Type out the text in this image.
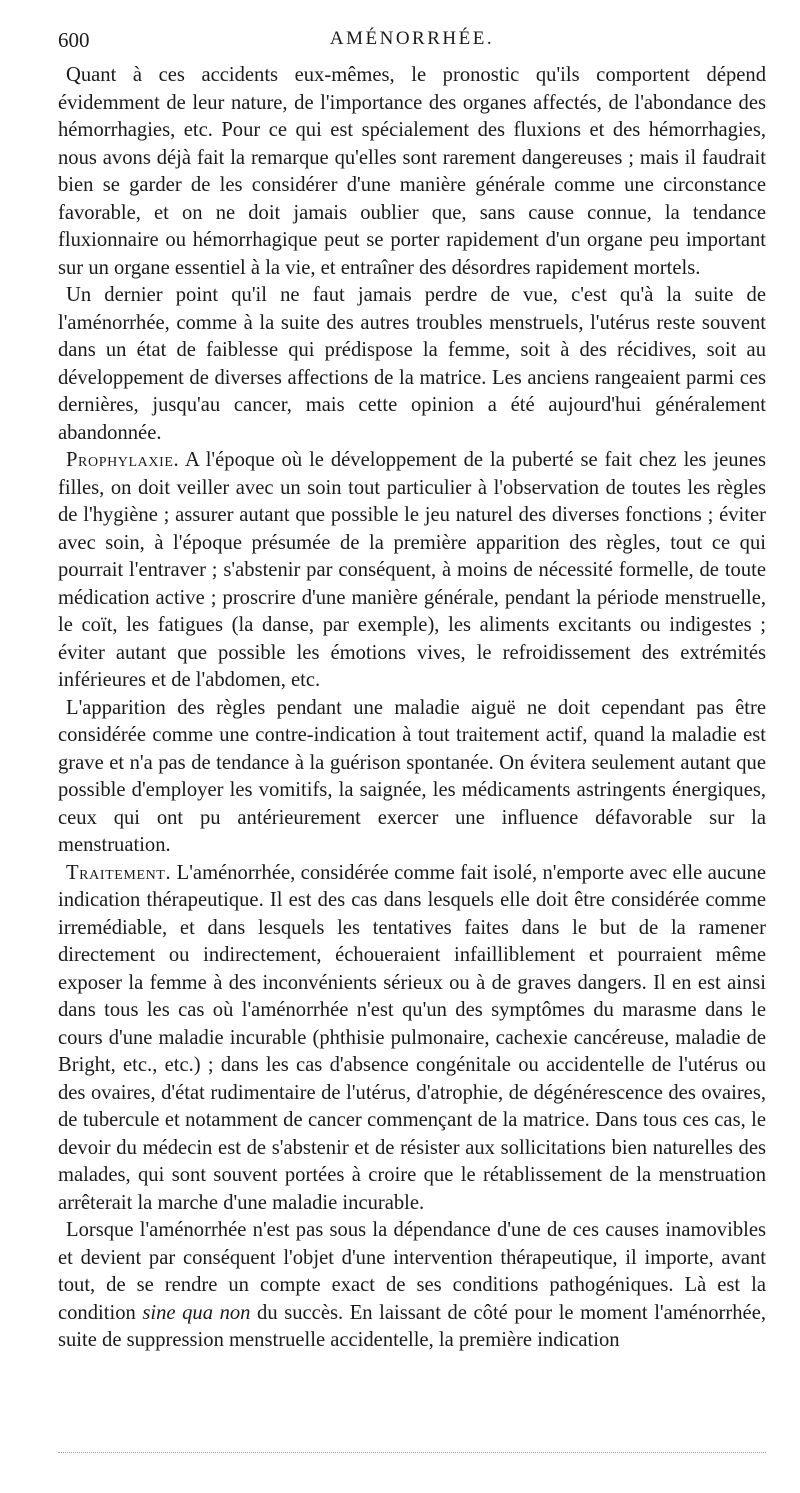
600	AMÉNORRHÉE.

Quant à ces accidents eux-mêmes, le pronostic qu'ils comportent dépend évidemment de leur nature, de l'importance des organes affectés, de l'abondance des hémorrhagies, etc. Pour ce qui est spécialement des fluxions et des hémorrhagies, nous avons déjà fait la remarque qu'elles sont rarement dangereuses ; mais il faudrait bien se garder de les considérer d'une manière générale comme une circonstance favorable, et on ne doit jamais oublier que, sans cause connue, la tendance fluxionnaire ou hémorrhagique peut se porter rapidement d'un organe peu important sur un organe essentiel à la vie, et entraîner des désordres rapidement mortels.

Un dernier point qu'il ne faut jamais perdre de vue, c'est qu'à la suite de l'aménorrhée, comme à la suite des autres troubles menstruels, l'utérus reste souvent dans un état de faiblesse qui prédispose la femme, soit à des récidives, soit au développement de diverses affections de la matrice. Les anciens rangeaient parmi ces dernières, jusqu'au cancer, mais cette opinion a été aujourd'hui généralement abandonnée.

Prophylaxie. A l'époque où le développement de la puberté se fait chez les jeunes filles, on doit veiller avec un soin tout particulier à l'observation de toutes les règles de l'hygiène ; assurer autant que possible le jeu naturel des diverses fonctions ; éviter avec soin, à l'époque présumée de la première apparition des règles, tout ce qui pourrait l'entraver ; s'abstenir par conséquent, à moins de nécessité formelle, de toute médication active ; proscrire d'une manière générale, pendant la période menstruelle, le coït, les fatigues (la danse, par exemple), les aliments excitants ou indigestes ; éviter autant que possible les émotions vives, le refroidissement des extrémités inférieures et de l'abdomen, etc.

L'apparition des règles pendant une maladie aiguë ne doit cependant pas être considérée comme une contre-indication à tout traitement actif, quand la maladie est grave et n'a pas de tendance à la guérison spontanée. On évitera seulement autant que possible d'employer les vomitifs, la saignée, les médicaments astringents énergiques, ceux qui ont pu antérieurement exercer une influence défavorable sur la menstruation.

Traitement. L'aménorrhée, considérée comme fait isolé, n'emporte avec elle aucune indication thérapeutique. Il est des cas dans lesquels elle doit être considérée comme irremédiable, et dans lesquels les tentatives faites dans le but de la ramener directement ou indirectement, échoueraient infailliblement et pourraient même exposer la femme à des inconvénients sérieux ou à de graves dangers. Il en est ainsi dans tous les cas où l'aménorrhée n'est qu'un des symptômes du marasme dans le cours d'une maladie incurable (phthisie pulmonaire, cachexie cancéreuse, maladie de Bright, etc., etc.) ; dans les cas d'absence congénitale ou accidentelle de l'utérus ou des ovaires, d'état rudimentaire de l'utérus, d'atrophie, de dégénérescence des ovaires, de tubercule et notamment de cancer commençant de la matrice. Dans tous ces cas, le devoir du médecin est de s'abstenir et de résister aux sollicitations bien naturelles des malades, qui sont souvent portées à croire que le rétablissement de la menstruation arrêterait la marche d'une maladie incurable.

Lorsque l'aménorrhée n'est pas sous la dépendance d'une de ces causes inamovibles et devient par conséquent l'objet d'une intervention thérapeutique, il importe, avant tout, de se rendre un compte exact de ses conditions pathogéniques. Là est la condition sine qua non du succès. En laissant de côté pour le moment l'aménorrhée, suite de suppression menstruelle accidentelle, la première indication
